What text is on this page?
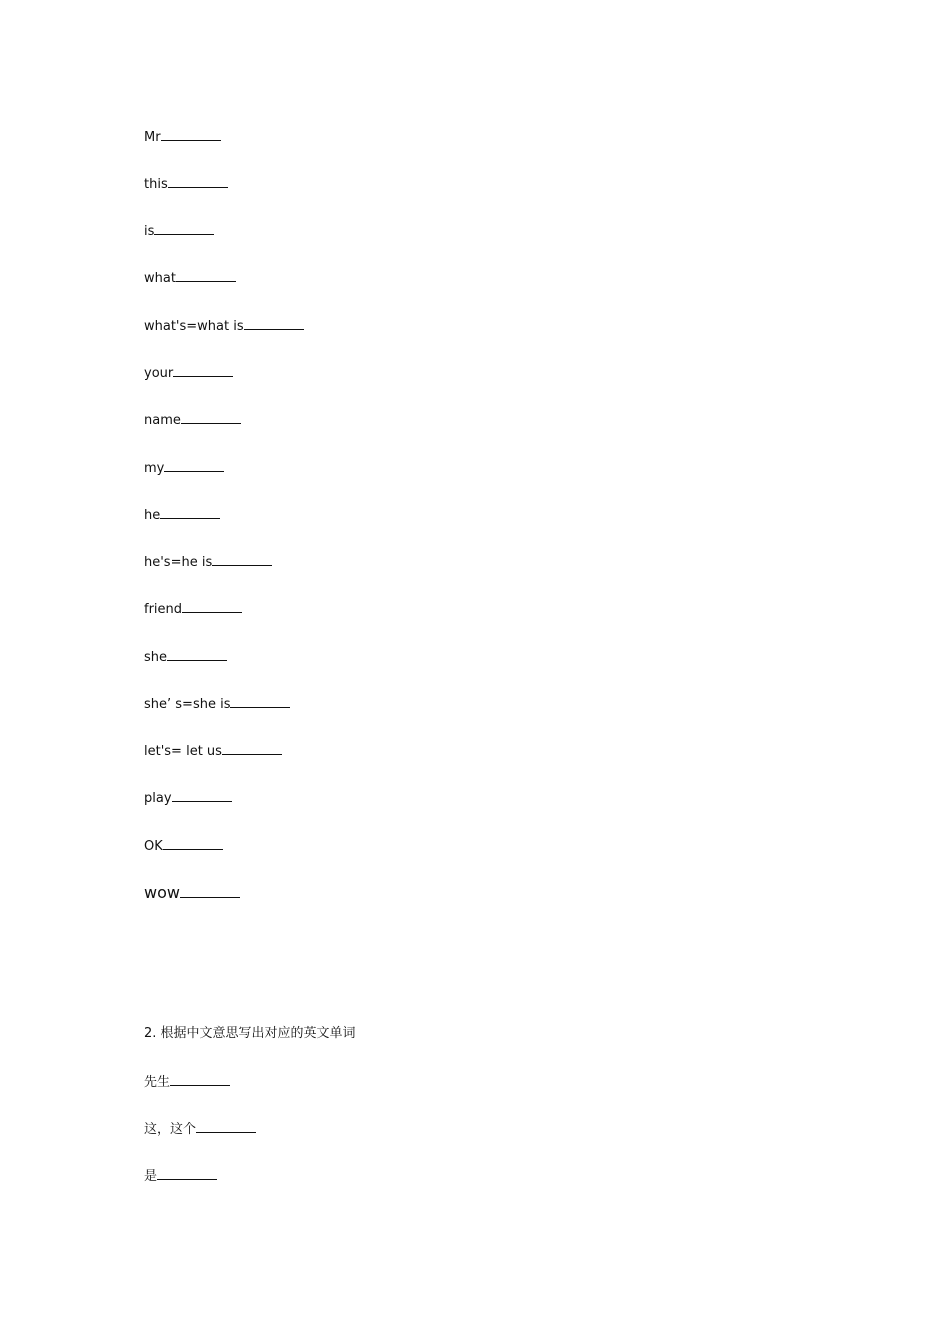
Mr
this
is
what
what's=what is
your
name
my
he
he's=he is
friend
she
she’ s=she is
let's= let us
play
OK
wow
2. 根据中文意思写出对应的英文单词
先生
这，这个
是
